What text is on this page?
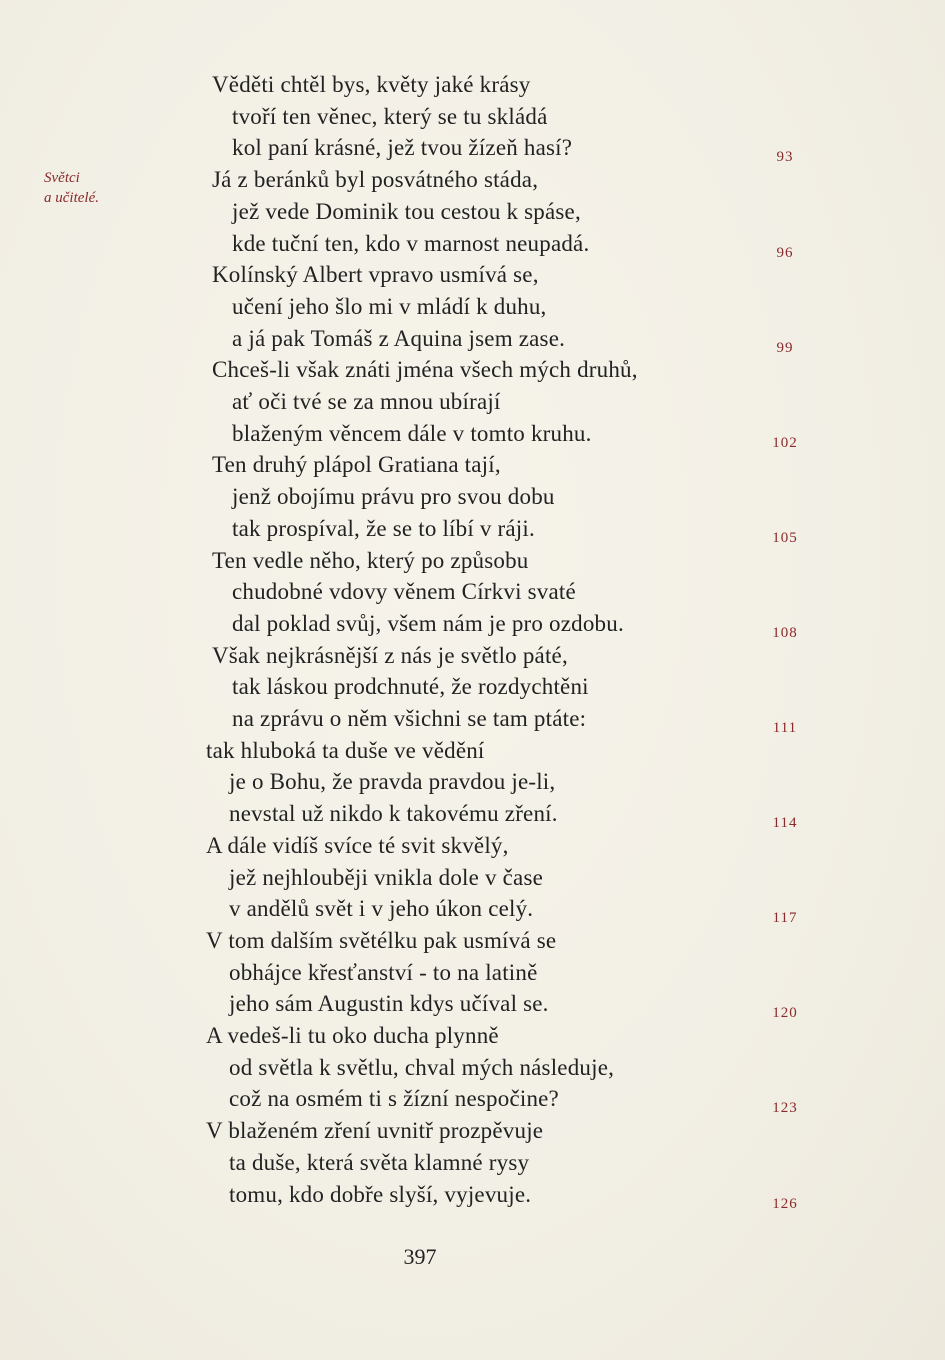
Světci
a učitelé.
Věděti chtěl bys, květy jaké krásy
tvoří ten věnec, který se tu skládá
kol paní krásné, jež tvou žízeň hasí?
Já z beránků byl posvátného stáda,
jež vede Dominik tou cestou k spáse,
kde tuční ten, kdo v marnost neupadá.
Kolínský Albert vpravo usmívá se,
učení jeho šlo mi v mládí k duhu,
a já pak Tomáš z Aquina jsem zase.
Chceš-li však znáti jména všech mých druhů,
ať oči tvé se za mnou ubírají
blaženým věncem dále v tomto kruhu.
Ten druhý plápol Gratiana tají,
jenž obojímu právu pro svou dobu
tak prospíval, že se to líbí v ráji.
Ten vedle něho, který po způsobu
chudobné vdovy věnem Církvi svaté
dal poklad svůj, všem nám je pro ozdobu.
Však nejkrásnější z nás je světlo páté,
tak láskou prodchnuté, že rozdychtěni
na zprávu o něm všichni se tam ptáte:
tak hluboká ta duše ve vědění
je o Bohu, že pravda pravdou je-li,
nevstal už nikdo k takovému zření.
A dále vidíš svíce té svit skvělý,
jež nejhlouběji vnikla dole v čase
v andělů svět i v jeho úkon celý.
V tom dalším světélku pak usmívá se
obhájce křesťanství - to na latině
jeho sám Augustin kdys učíval se.
A vedeš-li tu oko ducha plynně
od světla k světlu, chval mých následuje,
což na osmém ti s žízní nespočine?
V blaženém zření uvnitř prozpěvuje
ta duše, která světa klamné rysy
tomu, kdo dobře slyší, vyjevuje.
93
96
99
102
105
108
111
114
117
120
123
126
397
